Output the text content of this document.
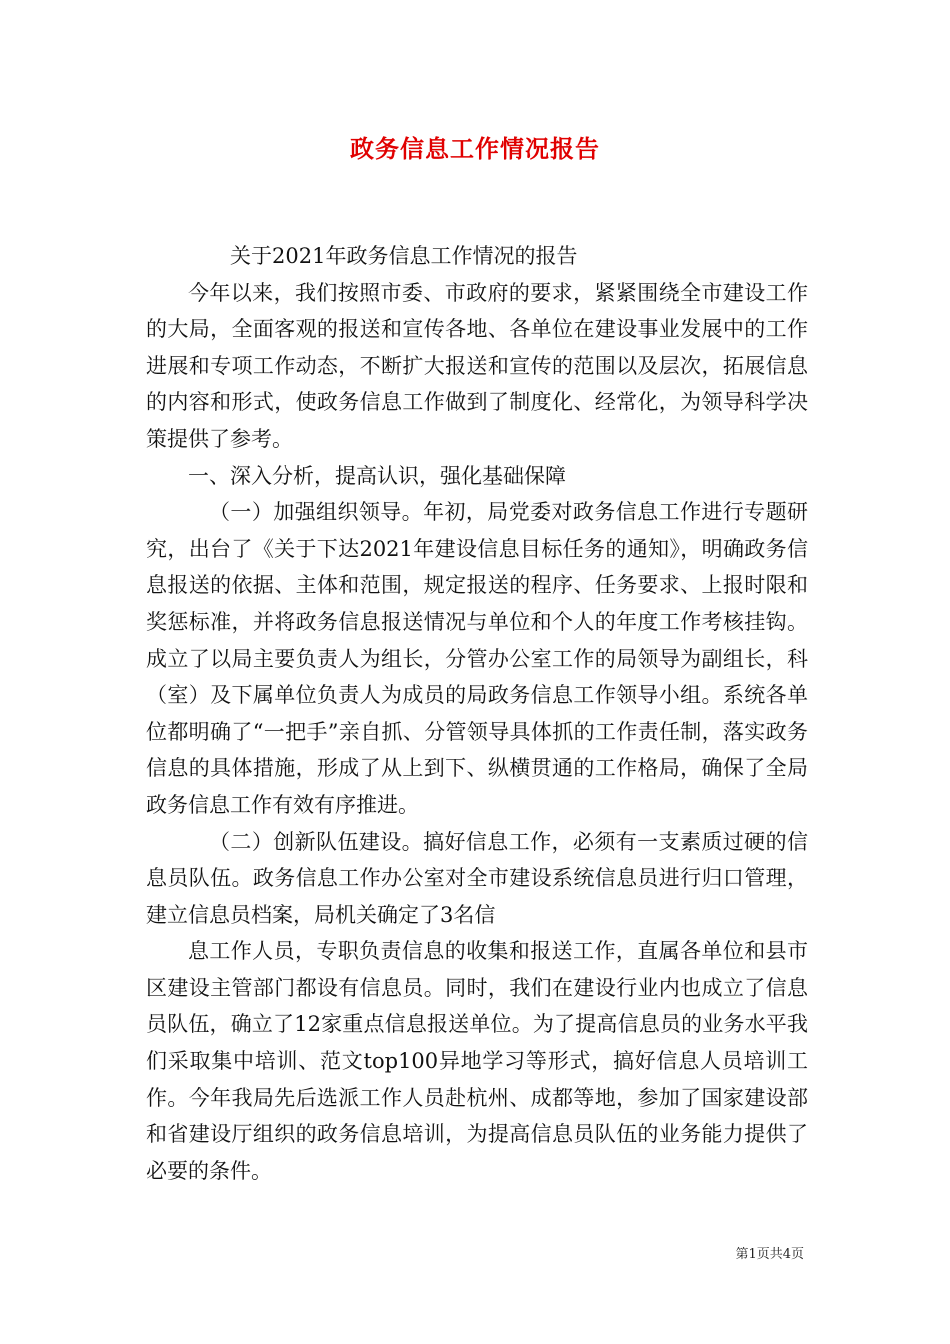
政务信息工作情况报告

关于2021年政务信息工作情况的报告

今年以来，我们按照市委、市政府的要求，紧紧围绕全市建设工作的大局，全面客观的报送和宣传各地、各单位在建设事业发展中的工作进展和专项工作动态，不断扩大报送和宣传的范围以及层次，拓展信息的内容和形式，使政务信息工作做到了制度化、经常化，为领导科学决策提供了参考。

一、深入分析，提高认识，强化基础保障

（一）加强组织领导。年初，局党委对政务信息工作进行专题研究，出台了《关于下达2021年建设信息目标任务的通知》，明确政务信息报送的依据、主体和范围，规定报送的程序、任务要求、上报时限和奖惩标准，并将政务信息报送情况与单位和个人的年度工作考核挂钩。成立了以局主要负责人为组长，分管办公室工作的局领导为副组长，科（室）及下属单位负责人为成员的局政务信息工作领导小组。系统各单位都明确了“一把手”亲自抓、分管领导具体抓的工作责任制，落实政务信息的具体措施，形成了从上到下、纵横贯通的工作格局，确保了全局政务信息工作有效有序推进。

（二）创新队伍建设。搞好信息工作，必须有一支素质过硬的信息员队伍。政务信息工作办公室对全市建设系统信息员进行归口管理，建立信息员档案，局机关确定了3名信

息工作人员，专职负责信息的收集和报送工作，直属各单位和县市区建设主管部门都设有信息员。同时，我们在建设行业内也成立了信息员队伍，确立了12家重点信息报送单位。为了提高信息员的业务水平我们采取集中培训、范文top100异地学习等形式，搞好信息人员培训工作。今年我局先后选派工作人员赴杭州、成都等地，参加了国家建设部和省建设厅组织的政务信息培训，为提高信息员队伍的业务能力提供了必要的条件。

第1页共4页
